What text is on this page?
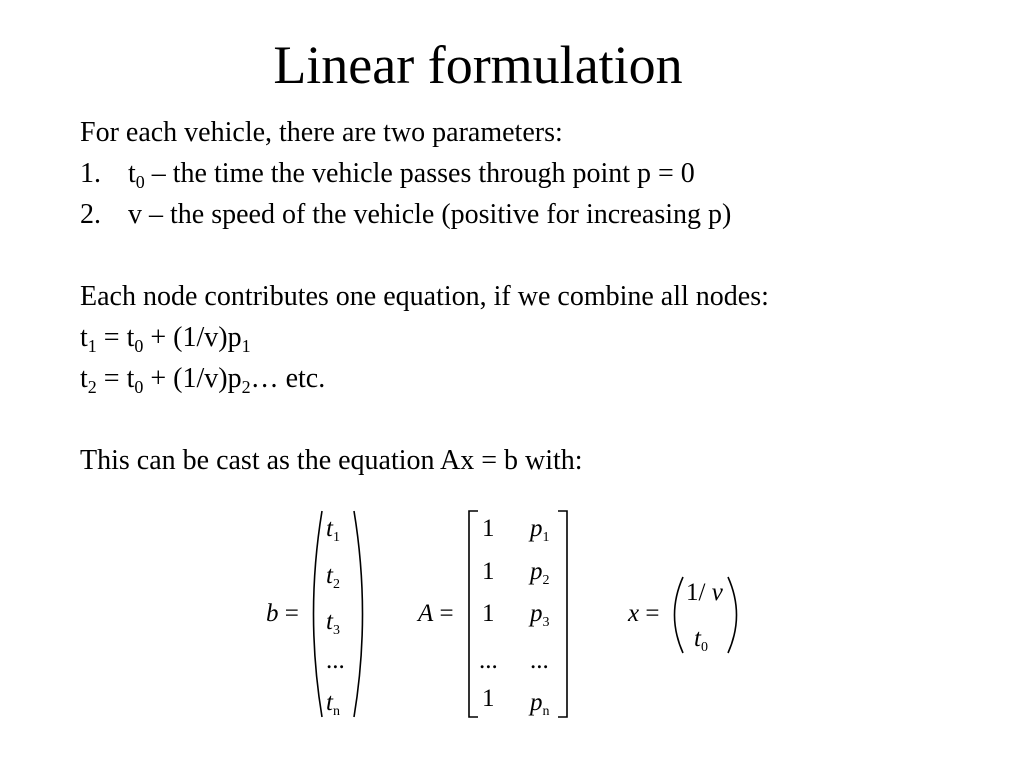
Linear formulation
For each vehicle, there are two parameters:
1. $t_0$ – the time the vehicle passes through point p = 0
2. v – the speed of the vehicle (positive for increasing p)
Each node contributes one equation, if we combine all nodes:
$t_1 = t_0 + (1/v)p_1$
$t_2 = t_0$ + $(1/v)p_2\dots$ etc.
This can be cast as the equation Ax = b with:
b =
$t_1$
$t_2$
$t_3$
...
$t_n$
A =
1 $p_1$
1 $p_2$
1 $p_3$
... ...
1 $p_n$
x =
1/ v
$t_0$
